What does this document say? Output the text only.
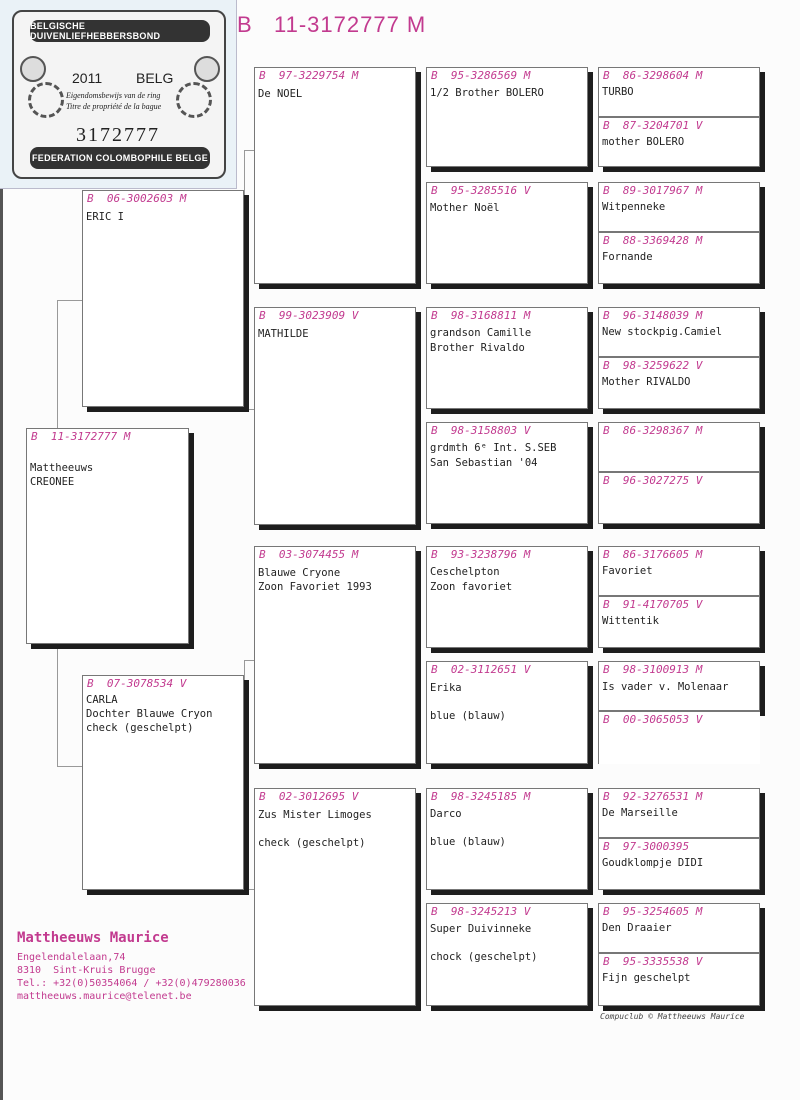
BELGISCHE DUIVENLIEFHEBBERSBOND
2011 BELG
Eigendomsbewijs van de ring
Titre de propriété de la bague
3172777
FEDERATION COLOMBOPHILE BELGE
B   11-3172777 M
B  11-3172777 M
Mattheeuws
CREONEE
B  06-3002603 M
ERIC I
B  07-3078534 V
CARLA
Dochter Blauwe Cryon
check (geschelpt)
B  97-3229754 M
De NOEL
B  99-3023909 V
MATHILDE
B  03-3074455 M
Blauwe Cryone
Zoon Favoriet 1993
B  02-3012695 V
Zus Mister Limoges
check (geschelpt)
B  95-3286569 M
1/2 Brother BOLERO
B  95-3285516 V
Mother Noël
B  98-3168811 M
grandson Camille
Brother Rivaldo
B  98-3158803 V
grdmth 6ᵉ Int. S.SEB
San Sebastian '04
B  93-3238796 M
Ceschelpton
Zoon favoriet
B  02-3112651 V
Erika
blue (blauw)
B  98-3245185 M
Darco
blue (blauw)
B  98-3245213 V
Super Duivinneke
chock (geschelpt)
B  86-3298604 M
TURBO
B  87-3204701 V
mother BOLERO
B  89-3017967 M
Witpenneke
B  88-3369428 M
Fornande
B  96-3148039 M
New stockpig.Camiel
B  98-3259622 V
Mother RIVALDO
B  86-3298367 M
B  96-3027275 V
B  86-3176605 M
Favoriet
B  91-4170705 V
Wittentik
B  98-3100913 M
Is vader v. Molenaar
B  00-3065053 V
B  92-3276531 M
De Marseille
B  97-3000395
Goudklompje DIDI
B  95-3254605 M
Den Draaier
B  95-3335538 V
Fijn geschelpt
Mattheeuws Maurice
Engelendalelaan,74
8310  Sint-Kruis Brugge
Tel.: +32(0)50354064 / +32(0)479280036
mattheeuws.maurice@telenet.be
Compuclub © Mattheeuws Maurice
